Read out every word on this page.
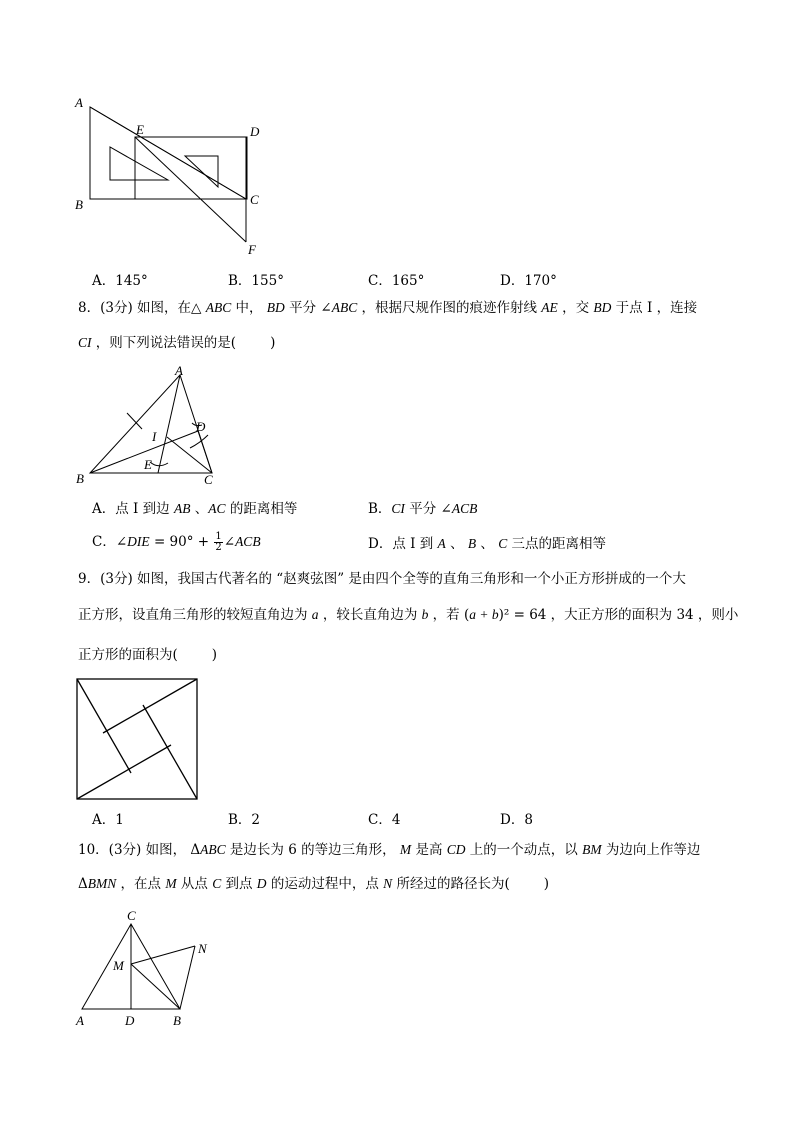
A
B	C
D
E
F
A．145°	B．155°	C．165°	D．170°
8．(3分) 如图，在△ ABC 中， BD 平分 ∠ABC ，根据尺规作图的痕迹作射线 AE ，交 BD 于点 I ，连接
CI ，则下列说法错误的是(	)
A
B	C
D
E
I
A．点 I 到边 AB 、AC 的距离相等	B．CI 平分 ∠ACB
C．∠DIE = $90^\circ + \frac{1}{2}$ ∠ACB	D．点 I 到 A 、 B 、 C 三点的距离相等
9．(3分) 如图，我国古代著名的 “赵爽弦图” 是由四个全等的直角三角形和一个小正方形拼成的一个大
正方形，设直角三角形的较短直角边为 a ，较长直角边为 b ，若 (a + b)² = 64 ，大正方形的面积为 34 ，则小
正方形的面积为(	)
A．1	B．2	C．4	D．8
10．(3分) 如图， ΔABC 是边长为 6 的等边三角形， M 是高 CD 上的一个动点，以 BM 为边向上作等边
ΔBMN ，在点 M 从点 C 到点 D 的运动过程中，点 N 所经过的路径长为(	)
C
M
N
A	D	B
